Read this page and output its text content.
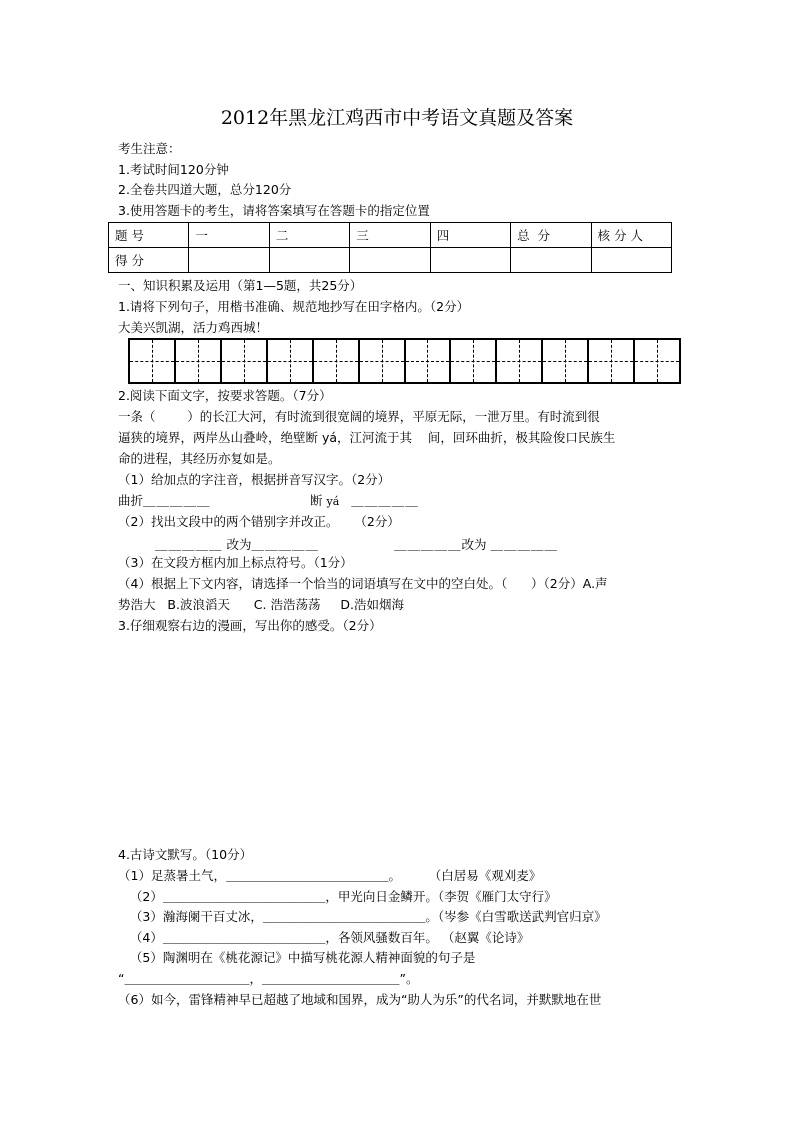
2012年黑龙江鸡西市中考语文真题及答案
考生注意：
1.考试时间120分钟
2.全卷共四道大题，总分120分
3.使用答题卡的考生，请将答案填写在答题卡的指定位置
题 号	一	二	三	四	总  分	核 分 人
得 分						
一、知识积累及运用（第1—5题，共25分）
1.请将下列句子，用楷书准确、规范地抄写在田字格内。（2分）
大美兴凯湖，活力鸡西城！
2.阅读下面文字，按要求答题。（7分）
一条（        ）的长江大河，有时流到很宽阔的境界，平原无际，一泄万里。有时流到很
逼狭的境界，两岸丛山叠岭，绝壁断 yá，江河流于其    间，回环曲折，极其险俊口民族生
命的进程，其经历亦复如是。
（1）给加点的字注音，根据拼音写汉字。（2分）
曲折＿＿＿＿＿	断 yá ＿＿＿＿＿
（2）找出文段中的两个错别字并改正。    （2分）
＿＿＿＿＿ 改为＿＿＿＿＿	＿＿＿＿＿改为 ＿＿＿＿＿
（3）在文段方框内加上标点符号。（1分）
（4）根据上下文内容，请选择一个恰当的词语填写在文中的空白处。（      ）（2分）A.声
势浩大   B.波浪滔天      C. 浩浩荡荡     D.浩如烟海
3.仔细观察右边的漫画，写出你的感受。（2分）
4.古诗文默写。（10分）
（1）足蒸暑土气，＿＿＿＿＿＿＿＿＿＿＿＿＿。       （白居易《观刈麦》
（2）＿＿＿＿＿＿＿＿＿＿＿＿＿，甲光向日金鳞开。（李贺《雁门太守行》
（3）瀚海阑干百丈冰，＿＿＿＿＿＿＿＿＿＿＿＿＿。（岑参《白雪歌送武判官归京》
（4）＿＿＿＿＿＿＿＿＿＿＿＿＿，各领风骚数百年。 （赵翼《论诗》
（5）陶渊明在《桃花源记》中描写桃花源人精神面貌的句子是
“＿＿＿＿＿＿＿＿＿＿，＿＿＿＿＿＿＿＿＿＿＿”。
（6）如今，雷锋精神早已超越了地域和国界，成为“助人为乐”的代名词，并默默地在世
